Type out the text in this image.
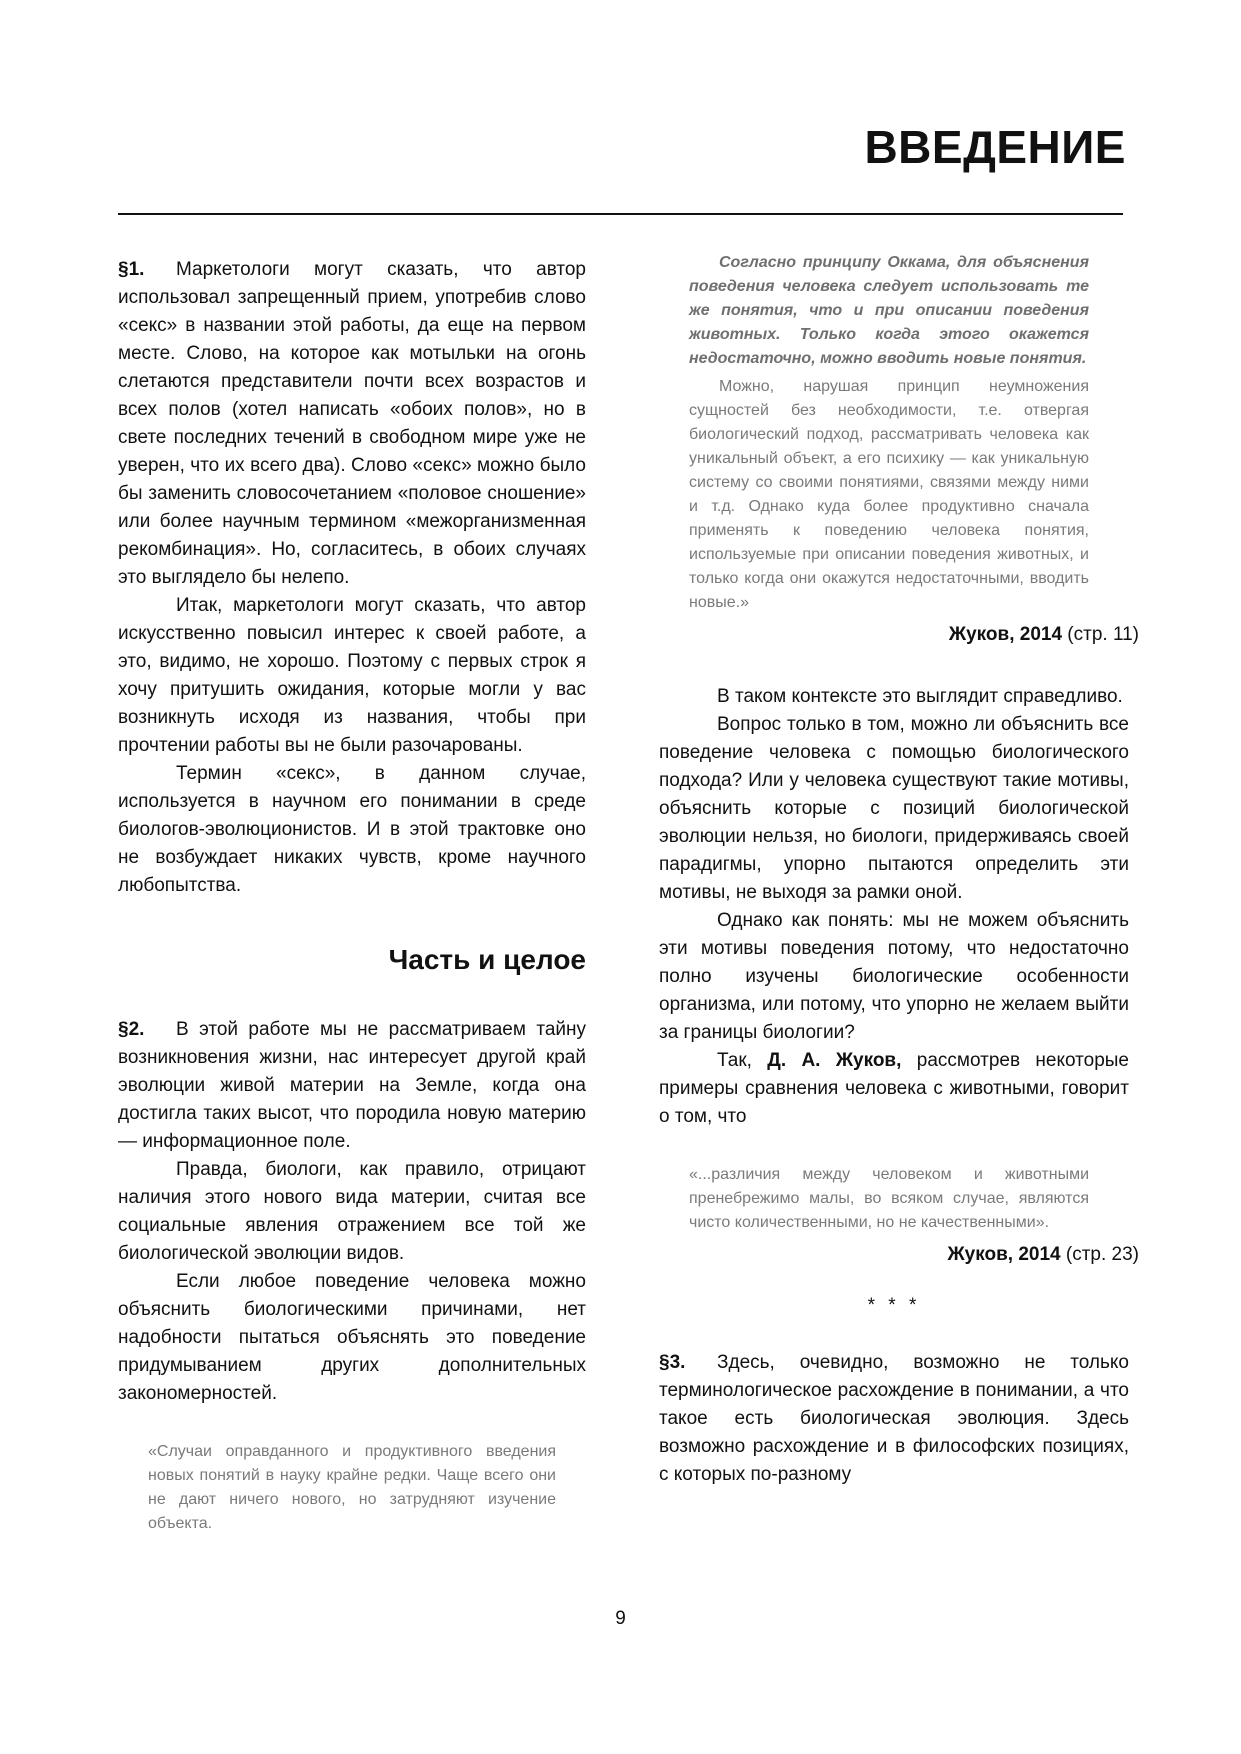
ВВЕДЕНИЕ

§1. Маркетологи могут сказать, что автор использовал запрещенный прием, употребив слово «секс» в названии этой работы, да еще на первом месте. Слово, на которое как мотыльки на огонь слетаются представители почти всех возрастов и всех полов (хотел написать «обоих полов», но в свете последних течений в свободном мире уже не уверен, что их всего два). Слово «секс» можно было бы заменить словосочетанием «половое сношение» или более научным термином «межорганизменная рекомбинация». Но, согласитесь, в обоих случаях это выглядело бы нелепо.

Итак, маркетологи могут сказать, что автор искусственно повысил интерес к своей работе, а это, видимо, не хорошо. Поэтому с первых строк я хочу притушить ожидания, которые могли у вас возникнуть исходя из названия, чтобы при прочтении работы вы не были разочарованы.

Термин «секс», в данном случае, используется в научном его понимании в среде биологов-эволюционистов. И в этой трактовке оно не возбуждает никаких чувств, кроме научного любопытства.

Часть и целое

§2. В этой работе мы не рассматриваем тайну возникновения жизни, нас интересует другой край эволюции живой материи на Земле, когда она достигла таких высот, что породила новую материю — информационное поле.

Правда, биологи, как правило, отрицают наличия этого нового вида материи, считая все социальные явления отражением все той же биологической эволюции видов.

Если любое поведение человека можно объяснить биологическими причинами, нет надобности пытаться объяснять это поведение придумыванием других дополнительных закономерностей.

«Случаи оправданного и продуктивного введения новых понятий в науку крайне редки. Чаще всего они не дают ничего нового, но затрудняют изучение объекта.

Согласно принципу Оккама, для объяснения поведения человека следует использовать те же понятия, что и при описании поведения животных. Только когда этого окажется недостаточно, можно вводить новые понятия.

Можно, нарушая принцип неумножения сущностей без необходимости, т.е. отвергая биологический подход, рассматривать человека как уникальный объект, а его психику — как уникальную систему со своими понятиями, связями между ними и т.д. Однако куда более продуктивно сначала применять к поведению человека понятия, используемые при описании поведения животных, и только когда они окажутся недостаточными, вводить новые.»

Жуков, 2014 (стр. 11)

В таком контексте это выглядит справедливо.

Вопрос только в том, можно ли объяснить все поведение человека с помощью биологического подхода? Или у человека существуют такие мотивы, объяснить которые с позиций биологической эволюции нельзя, но биологи, придерживаясь своей парадигмы, упорно пытаются определить эти мотивы, не выходя за рамки оной.

Однако как понять: мы не можем объяснить эти мотивы поведения потому, что недостаточно полно изучены биологические особенности организма, или потому, что упорно не желаем выйти за границы биологии?

Так, Д. А. Жуков, рассмотрев некоторые примеры сравнения человека с животными, говорит о том, что

«...различия между человеком и животными пренебрежимо малы, во всяком случае, являются чисто количественными, но не качественными».

Жуков, 2014 (стр. 23)

* * *

§3. Здесь, очевидно, возможно не только терминологическое расхождение в понимании, а что такое есть биологическая эволюция. Здесь возможно расхождение и в философских позициях, с которых по-разному

9
